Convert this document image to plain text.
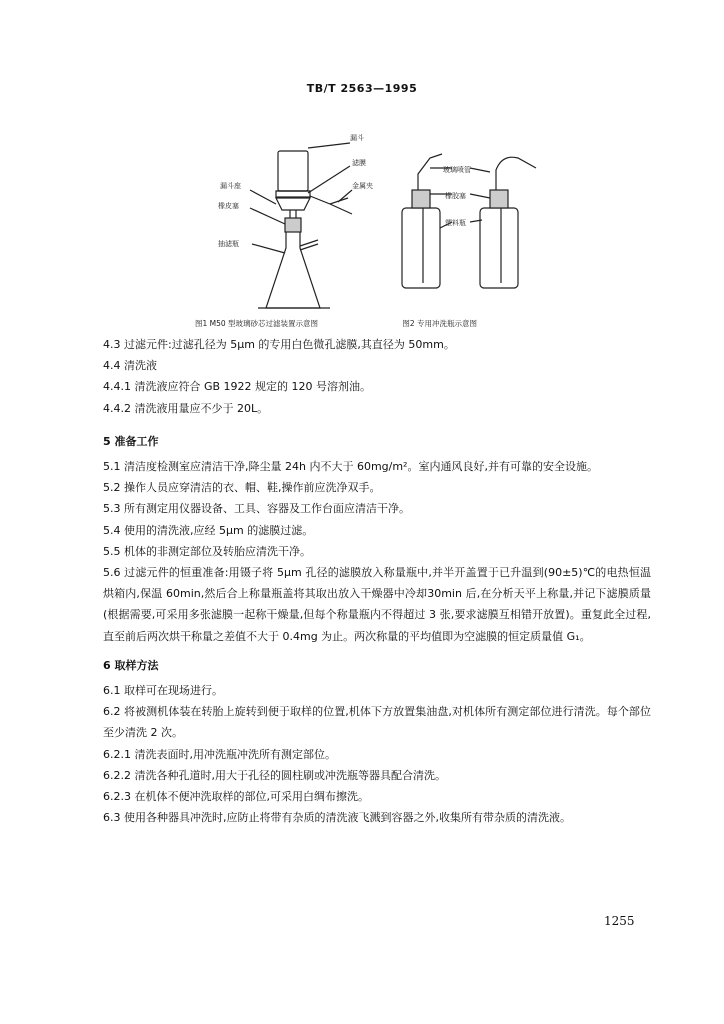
TB/T 2563—1995
漏斗
滤膜
漏斗座	金属夹
橡皮塞
抽滤瓶
玻璃喷管
橡胶塞
塑料瓶
图1 M50 型玻璃砂芯过滤装置示意图	图2 专用冲洗瓶示意图
4.3 过滤元件:过滤孔径为 5μm 的专用白色微孔滤膜,其直径为 50mm。
4.4 清洗液
4.4.1 清洗液应符合 GB 1922 规定的 120 号溶剂油。
4.4.2 清洗液用量应不少于 20L。
5 准备工作
5.1 清洁度检测室应清洁干净,降尘量 24h 内不大于 60mg/m²。室内通风良好,并有可靠的安全设施。
5.2 操作人员应穿清洁的衣、帽、鞋,操作前应洗净双手。
5.3 所有测定用仪器设备、工具、容器及工作台面应清洁干净。
5.4 使用的清洗液,应经 5μm 的滤膜过滤。
5.5 机体的非测定部位及转胎应清洗干净。
5.6 过滤元件的恒重准备:用镊子将 5μm 孔径的滤膜放入称量瓶中,并半开盖置于已升温到(90±5)℃的电热恒温烘箱内,保温 60min,然后合上称量瓶盖将其取出放入干燥器中冷却30min 后,在分析天平上称量,并记下滤膜质量(根据需要,可采用多张滤膜一起称干燥量,但每个称量瓶内不得超过 3 张,要求滤膜互相错开放置)。重复此全过程,直至前后两次烘干称量之差值不大于 0.4mg 为止。两次称量的平均值即为空滤膜的恒定质量值 G₁。
6 取样方法
6.1 取样可在现场进行。
6.2 将被测机体装在转胎上旋转到便于取样的位置,机体下方放置集油盘,对机体所有测定部位进行清洗。每个部位至少清洗 2 次。
6.2.1 清洗表面时,用冲洗瓶冲洗所有测定部位。
6.2.2 清洗各种孔道时,用大于孔径的圆柱刷或冲洗瓶等器具配合清洗。
6.2.3 在机体不便冲洗取样的部位,可采用白绸布擦洗。
6.3 使用各种器具冲洗时,应防止将带有杂质的清洗液飞溅到容器之外,收集所有带杂质的清洗液。
1255
